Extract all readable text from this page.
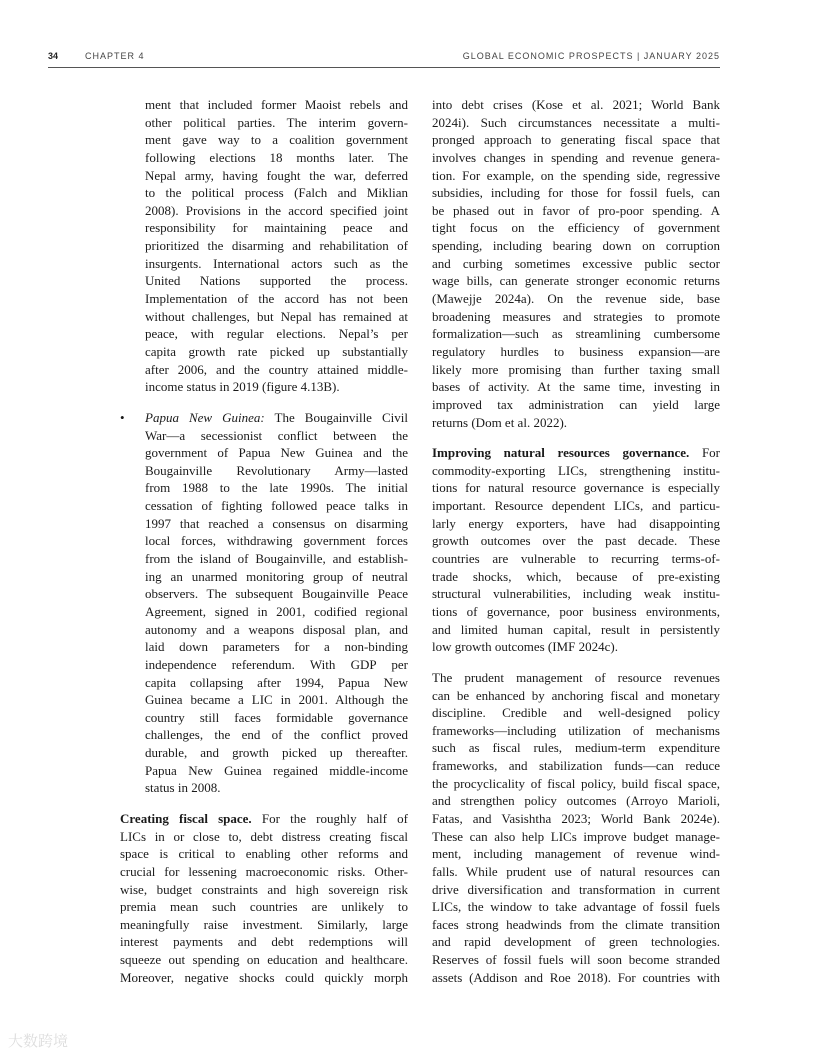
34	CHAPTER 4	GLOBAL ECONOMIC PROSPECTS | JANUARY 2025
ment that included former Maoist rebels and
other political parties. The interim govern-
ment gave way to a coalition government
following elections 18 months later. The
Nepal army, having fought the war, deferred
to the political process (Falch and Miklian
2008). Provisions in the accord specified joint
responsibility for maintaining peace and
prioritized the disarming and rehabilitation of
insurgents. International actors such as the
United Nations supported the process.
Implementation of the accord has not been
without challenges, but Nepal has remained at
peace, with regular elections. Nepal’s per
capita growth rate picked up substantially
after 2006, and the country attained middle-
income status in 2019 (figure 4.13B).
• Papua New Guinea: The Bougainville Civil
War—a secessionist conflict between the
government of Papua New Guinea and the
Bougainville Revolutionary Army—lasted
from 1988 to the late 1990s. The initial
cessation of fighting followed peace talks in
1997 that reached a consensus on disarming
local forces, withdrawing government forces
from the island of Bougainville, and establish-
ing an unarmed monitoring group of neutral
observers. The subsequent Bougainville Peace
Agreement, signed in 2001, codified regional
autonomy and a weapons disposal plan, and
laid down parameters for a non-binding
independence referendum. With GDP per
capita collapsing after 1994, Papua New
Guinea became a LIC in 2001. Although the
country still faces formidable governance
challenges, the end of the conflict proved
durable, and growth picked up thereafter.
Papua New Guinea regained middle-income
status in 2008.
Creating fiscal space. For the roughly half of
LICs in or close to, debt distress creating fiscal
space is critical to enabling other reforms and
crucial for lessening macroeconomic risks. Other-
wise, budget constraints and high sovereign risk
premia mean such countries are unlikely to
meaningfully raise investment. Similarly, large
interest payments and debt redemptions will
squeeze out spending on education and healthcare.
Moreover, negative shocks could quickly morph
into debt crises (Kose et al. 2021; World Bank
2024i). Such circumstances necessitate a multi-
pronged approach to generating fiscal space that
involves changes in spending and revenue genera-
tion. For example, on the spending side, regressive
subsidies, including for those for fossil fuels, can
be phased out in favor of pro-poor spending. A
tight focus on the efficiency of government
spending, including bearing down on corruption
and curbing sometimes excessive public sector
wage bills, can generate stronger economic returns
(Mawejje 2024a). On the revenue side, base
broadening measures and strategies to promote
formalization—such as streamlining cumbersome
regulatory hurdles to business expansion—are
likely more promising than further taxing small
bases of activity. At the same time, investing in
improved tax administration can yield large
returns (Dom et al. 2022).
Improving natural resources governance. For
commodity-exporting LICs, strengthening institu-
tions for natural resource governance is especially
important. Resource dependent LICs, and particu-
larly energy exporters, have had disappointing
growth outcomes over the past decade. These
countries are vulnerable to recurring terms-of-
trade shocks, which, because of pre-existing
structural vulnerabilities, including weak institu-
tions of governance, poor business environments,
and limited human capital, result in persistently
low growth outcomes (IMF 2024c).
The prudent management of resource revenues
can be enhanced by anchoring fiscal and monetary
discipline. Credible and well-designed policy
frameworks—including utilization of mechanisms
such as fiscal rules, medium-term expenditure
frameworks, and stabilization funds—can reduce
the procyclicality of fiscal policy, build fiscal space,
and strengthen policy outcomes (Arroyo Marioli,
Fatas, and Vasishtha 2023; World Bank 2024e).
These can also help LICs improve budget manage-
ment, including management of revenue wind-
falls. While prudent use of natural resources can
drive diversification and transformation in current
LICs, the window to take advantage of fossil fuels
faces strong headwinds from the climate transition
and rapid development of green technologies.
Reserves of fossil fuels will soon become stranded
assets (Addison and Roe 2018). For countries with
大数跨境
